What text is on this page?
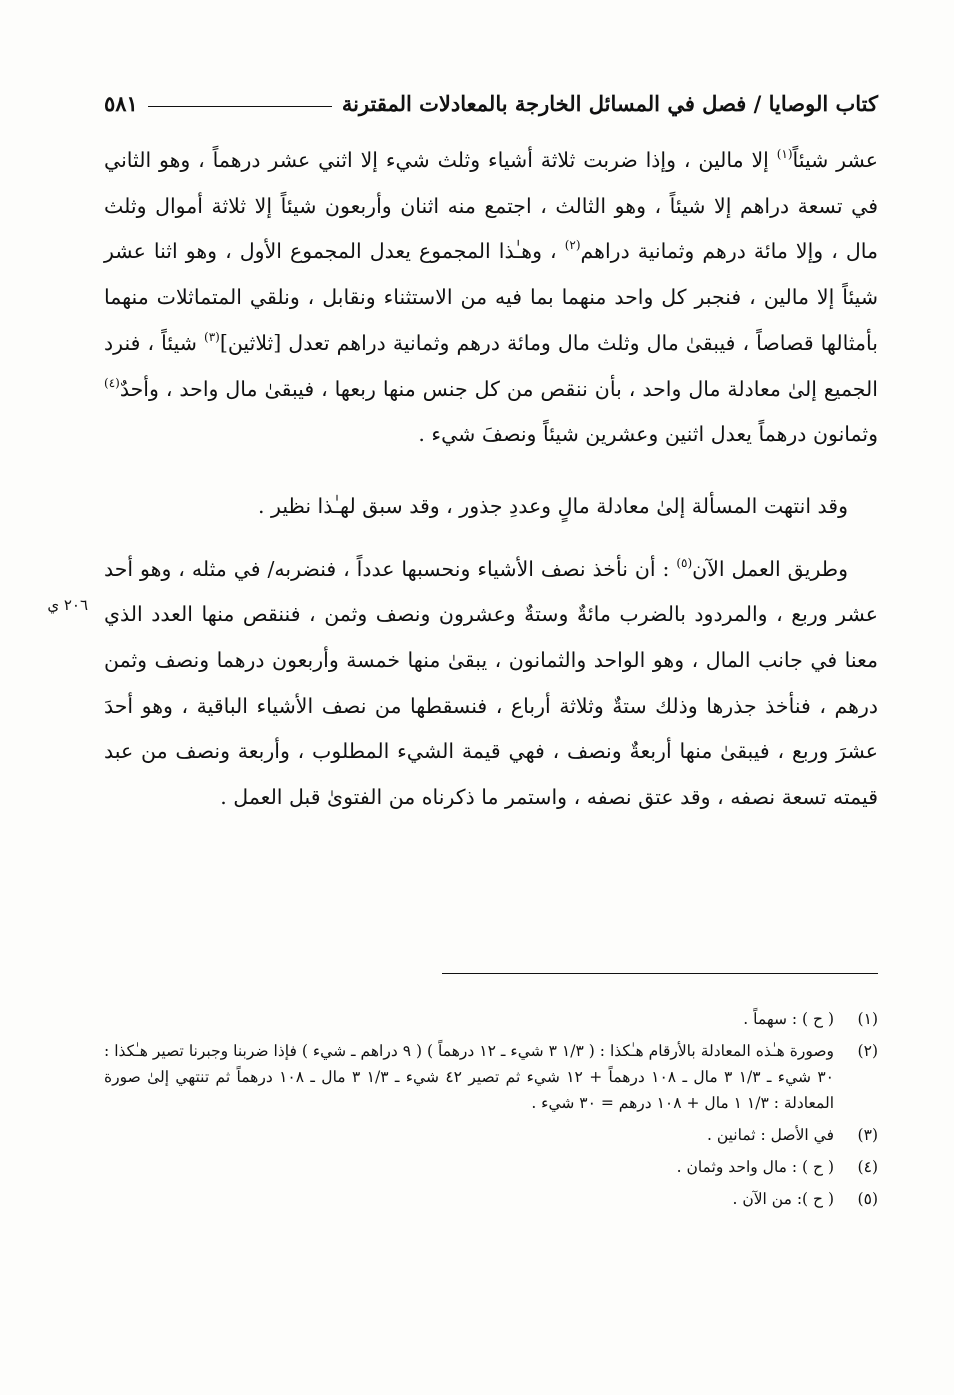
كتاب الوصايا / فصل في المسائل الخارجة بالمعادلات المقترنة
٥٨١
٢٠٦ ي

عشر شيئاً$^{(١)}$ إلا مالين ، وإذا ضربت ثلاثة أشياء وثلث شيء إلا اثني عشر درهماً ، وهو الثاني في تسعة دراهم إلا شيئاً ، وهو الثالث ، اجتمع منه اثنان وأربعون شيئاً إلا ثلاثة أموال وثلث مال ، وإلا مائة درهم وثمانية دراهم$^{(٢)}$ ، وهـٰذا المجموع يعدل المجموع الأول ، وهو اثنا عشر شيئاً إلا مالين ، فنجبر كل واحد منهما بما فيه من الاستثناء ونقابل ، ونلقي المتماثلات منهما بأمثالها قصاصاً ، فيبقىٰ مال وثلث مال ومائة درهم وثمانية دراهم تعدل [ثلاثين]$^{(٣)}$ شيئاً ، فنرد الجميع إلىٰ معادلة مال واحد ، بأن ننقص من كل جنس منها ربعها ، فيبقىٰ مال واحد ، وأحدٌ$^{(٤)}$ وثمانون درهماً يعدل اثنين وعشرين شيئاً ونصفَ شيء .

وقد انتهت المسألة إلىٰ معادلة مالٍ وعددِ جذور ، وقد سبق لهـٰذا نظير .

وطريق العمل الآن$^{(٥)}$ : أن نأخذ نصف الأشياء ونحسبها عدداً ، فنضربه/ في مثله ، وهو أحد عشر وربع ، والمردود بالضرب مائةٌ وستةٌ وعشرون ونصف وثمن ، فننقص منها العدد الذي معنا في جانب المال ، وهو الواحد والثمانون ، يبقىٰ منها خمسة وأربعون درهما ونصف وثمن درهم ، فنأخذ جذرها وذلك ستةٌ وثلاثة أرباع ، فنسقطها من نصف الأشياء الباقية ، وهو أحدَ عشرَ وربع ، فيبقىٰ منها أربعةٌ ونصف ، فهي قيمة الشيء المطلوب ، وأربعة ونصف من عبد قيمته تسعة نصفه ، وقد عتق نصفه ، واستمر ما ذكرناه من الفتوىٰ قبل العمل .

(١)
( ح ) : سهماً .
(٢)
وصورة هـٰذه المعادلة بالأرقام هـٰكذا : ( ١/٣ ٣ شيء ـ ١٢ درهماً ) ( ٩ دراهم ـ شيء ) فإذا ضربنا وجبرنا تصير هـٰكذا : ٣٠ شيء ـ ١/٣ ٣ مال ـ ١٠٨ درهماً + ١٢ شيء ثم تصير ٤٢ شيء ـ ١/٣ ٣ مال ـ ١٠٨ درهماً ثم تنتهي إلىٰ صورة المعادلة : ١/٣ ١ مال + ١٠٨ درهم = ٣٠ شيء .
(٣)
في الأصل : ثمانين .
(٤)
( ح ) : مال واحد وثمان .
(٥)
( ح ): من الآن .
